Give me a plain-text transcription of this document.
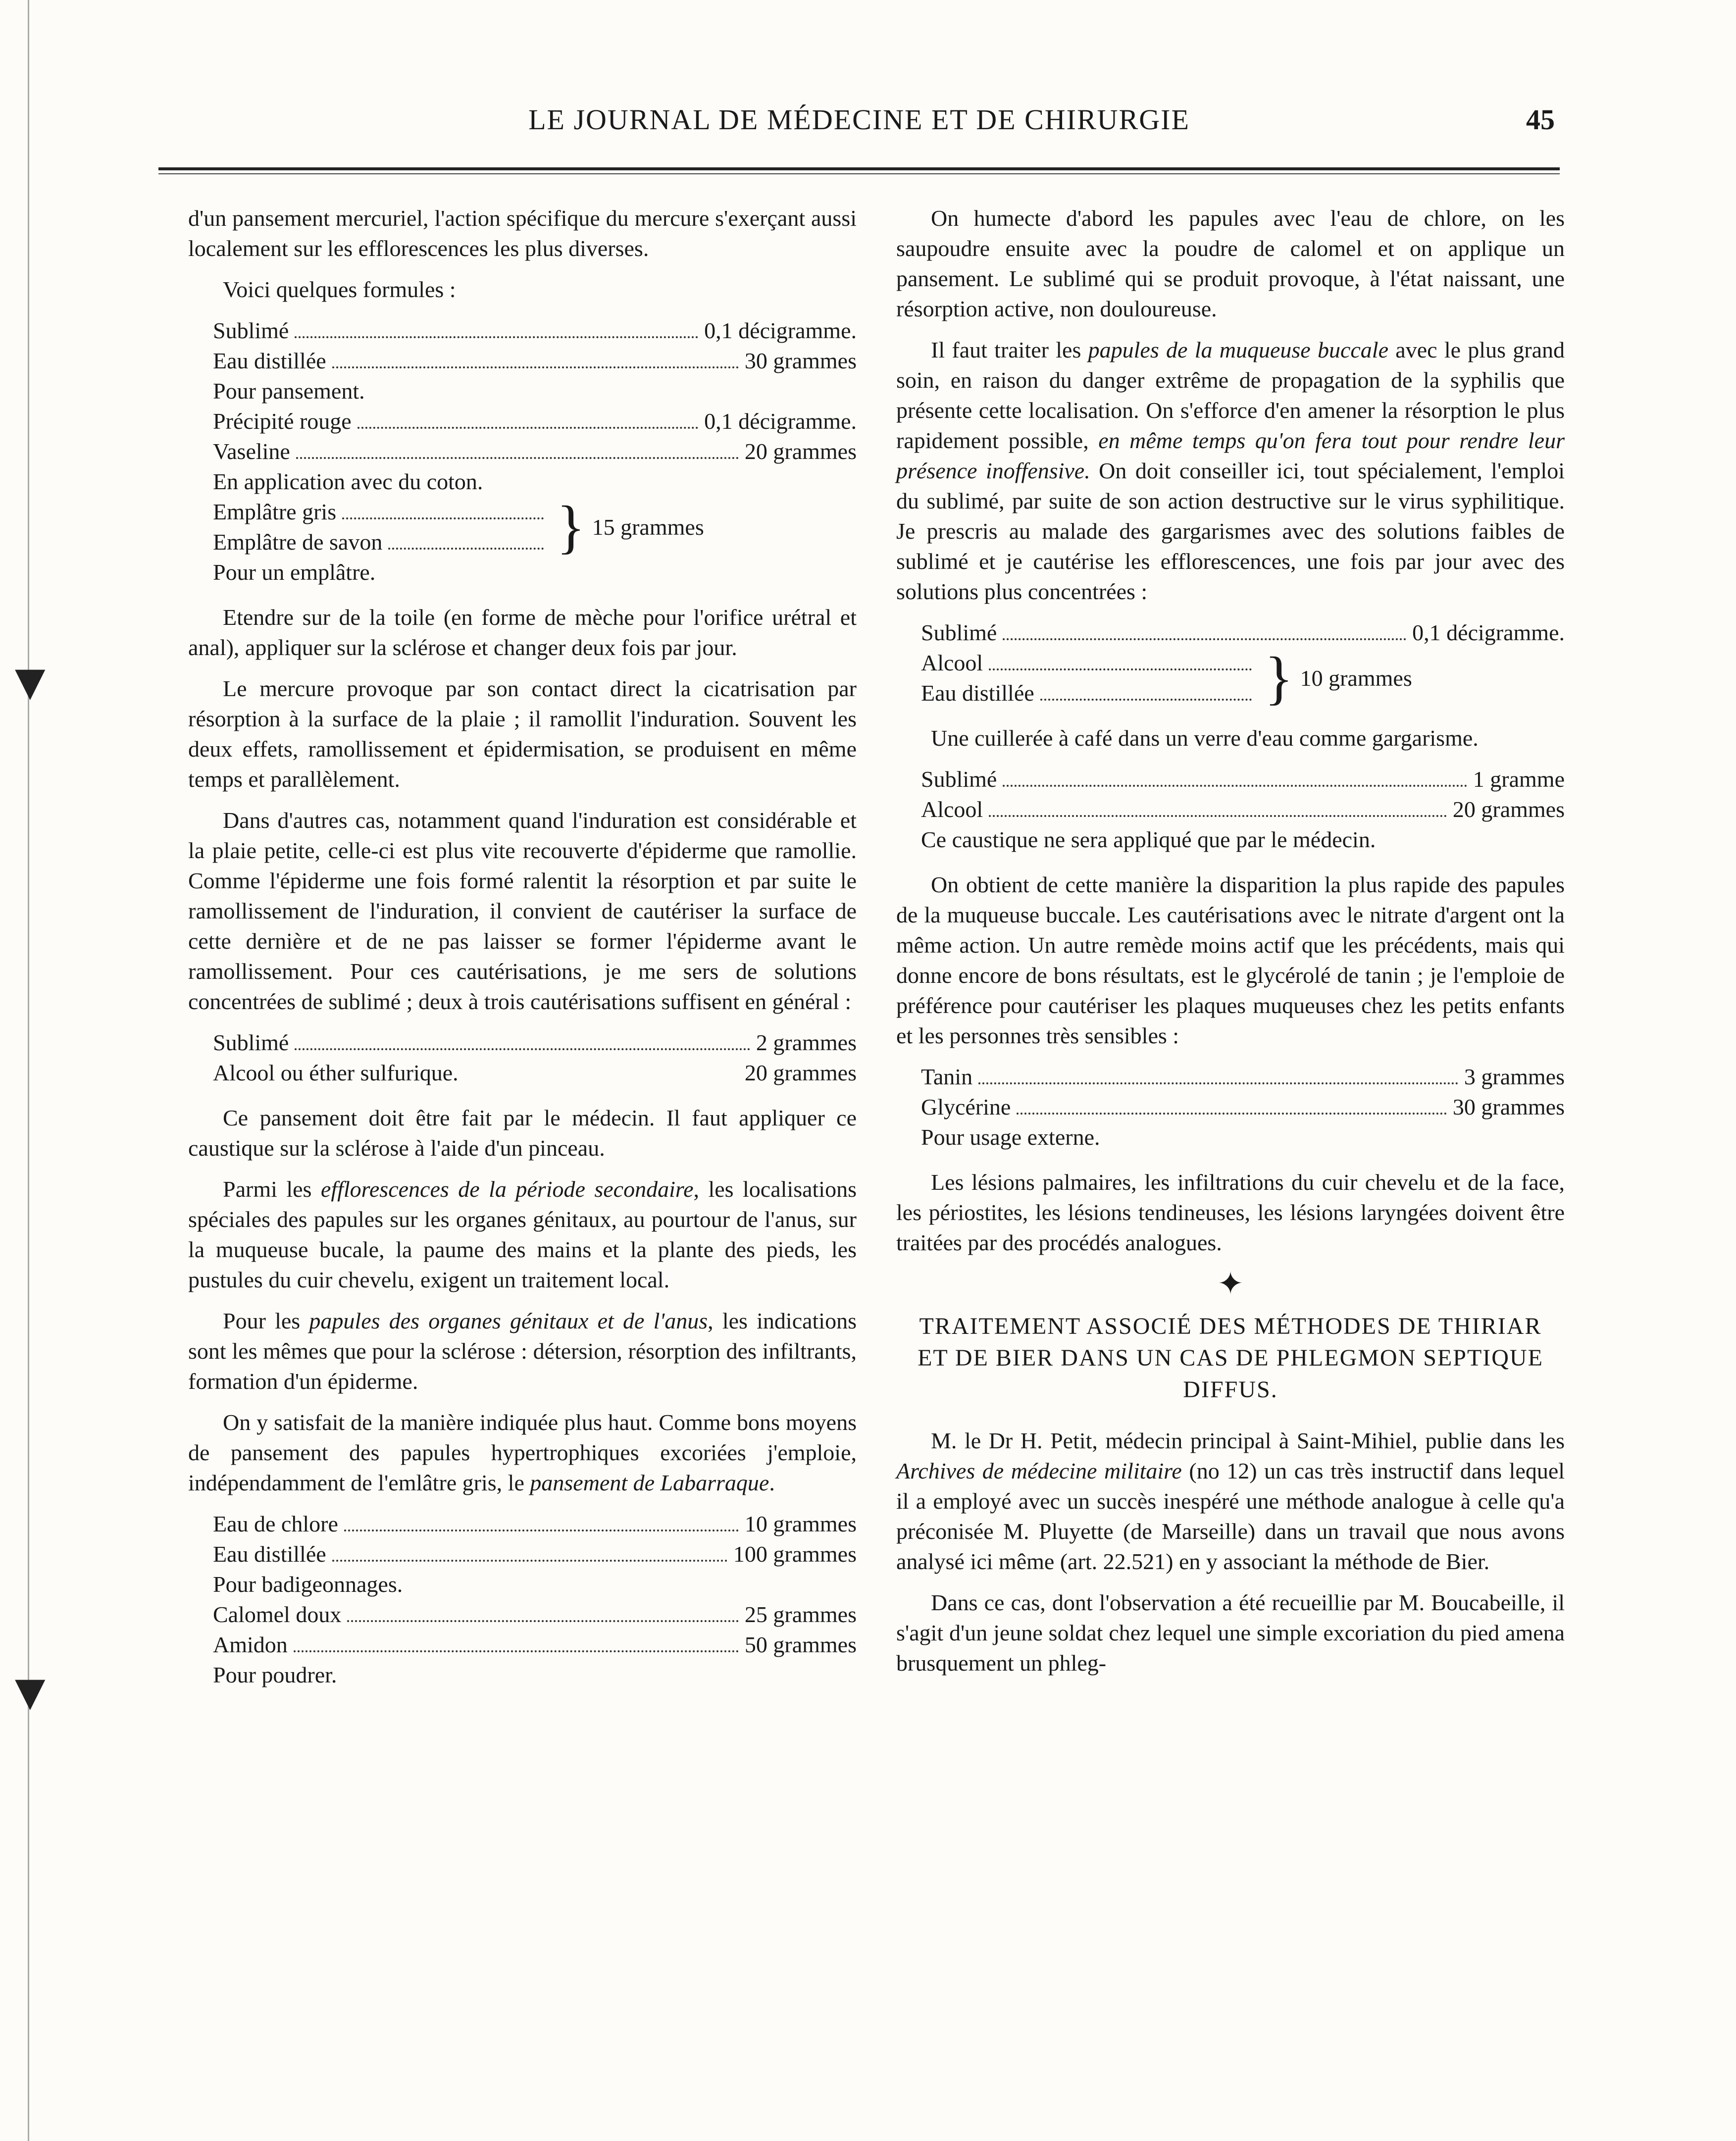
▼
▼
LE JOURNAL DE MÉDECINE ET DE CHIRURGIE	45

d'un pansement mercuriel, l'action spécifique du mercure s'exerçant aussi localement sur les efflorescences les plus diverses.

Voici quelques formules :

Sublimé	0,1 décigramme.
Eau distillée	30 grammes
Pour pansement.
Précipité rouge	0,1 décigramme.
Vaseline	20 grammes
En application avec du coton.
Emplâtre gris
Emplâtre de savon	} 15 grammes
Pour un emplâtre.

Etendre sur de la toile (en forme de mèche pour l'orifice urétral et anal), appliquer sur la sclérose et changer deux fois par jour.

Le mercure provoque par son contact direct la cicatrisation par résorption à la surface de la plaie ; il ramollit l'induration. Souvent les deux effets, ramollissement et épidermisation, se produisent en même temps et parallèlement.

Dans d'autres cas, notamment quand l'induration est considérable et la plaie petite, celle-ci est plus vite recouverte d'épiderme que ramollie. Comme l'épiderme une fois formé ralentit la résorption et par suite le ramollissement de l'induration, il convient de cautériser la surface de cette dernière et de ne pas laisser se former l'épiderme avant le ramollissement. Pour ces cautérisations, je me sers de solutions concentrées de sublimé ; deux à trois cautérisations suffisent en général :

Sublimé	2 grammes
Alcool ou éther sulfurique.	20 grammes

Ce pansement doit être fait par le médecin. Il faut appliquer ce caustique sur la sclérose à l'aide d'un pinceau.

Parmi les efflorescences de la période secondaire, les localisations spéciales des papules sur les organes génitaux, au pourtour de l'anus, sur la muqueuse bucale, la paume des mains et la plante des pieds, les pustules du cuir chevelu, exigent un traitement local.

Pour les papules des organes génitaux et de l'anus, les indications sont les mêmes que pour la sclérose : détersion, résorption des infiltrants, formation d'un épiderme.

On y satisfait de la manière indiquée plus haut. Comme bons moyens de pansement des papules hypertrophiques excoriées j'emploie, indépendamment de l'emlâtre gris, le pansement de Labarraque.

Eau de chlore	10 grammes
Eau distillée	100 grammes
Pour badigeonnages.
Calomel doux	25 grammes
Amidon	50 grammes
Pour poudrer.

On humecte d'abord les papules avec l'eau de chlore, on les saupoudre ensuite avec la poudre de calomel et on applique un pansement. Le sublimé qui se produit provoque, à l'état naissant, une résorption active, non douloureuse.

Il faut traiter les papules de la muqueuse buccale avec le plus grand soin, en raison du danger extrême de propagation de la syphilis que présente cette localisation. On s'efforce d'en amener la résorption le plus rapidement possible, en même temps qu'on fera tout pour rendre leur présence inoffensive. On doit conseiller ici, tout spécialement, l'emploi du sublimé, par suite de son action destructive sur le virus syphilitique. Je prescris au malade des gargarismes avec des solutions faibles de sublimé et je cautérise les efflorescences, une fois par jour avec des solutions plus concentrées :

Sublimé	0,1 décigramme.
Alcool
Eau distillée	} 10 grammes

Une cuillerée à café dans un verre d'eau comme gargarisme.

Sublimé	1 gramme
Alcool	20 grammes
Ce caustique ne sera appliqué que par le médecin.

On obtient de cette manière la disparition la plus rapide des papules de la muqueuse buccale. Les cautérisations avec le nitrate d'argent ont la même action. Un autre remède moins actif que les précédents, mais qui donne encore de bons résultats, est le glycérolé de tanin ; je l'emploie de préférence pour cautériser les plaques muqueuses chez les petits enfants et les personnes très sensibles :

Tanin	3 grammes
Glycérine	30 grammes
Pour usage externe.

Les lésions palmaires, les infiltrations du cuir chevelu et de la face, les périostites, les lésions tendineuses, les lésions laryngées doivent être traitées par des procédés analogues.

✦
TRAITEMENT ASSOCIÉ DES MÉTHODES DE THIRIAR ET DE BIER DANS UN CAS DE PHLEGMON SEPTIQUE DIFFUS.

M. le Dr H. Petit, médecin principal à Saint-Mihiel, publie dans les Archives de médecine militaire (no 12) un cas très instructif dans lequel il a employé avec un succès inespéré une méthode analogue à celle qu'a préconisée M. Pluyette (de Marseille) dans un travail que nous avons analysé ici même (art. 22.521) en y associant la méthode de Bier.

Dans ce cas, dont l'observation a été recueillie par M. Boucabeille, il s'agit d'un jeune soldat chez lequel une simple excoriation du pied amena brusquement un phleg-
